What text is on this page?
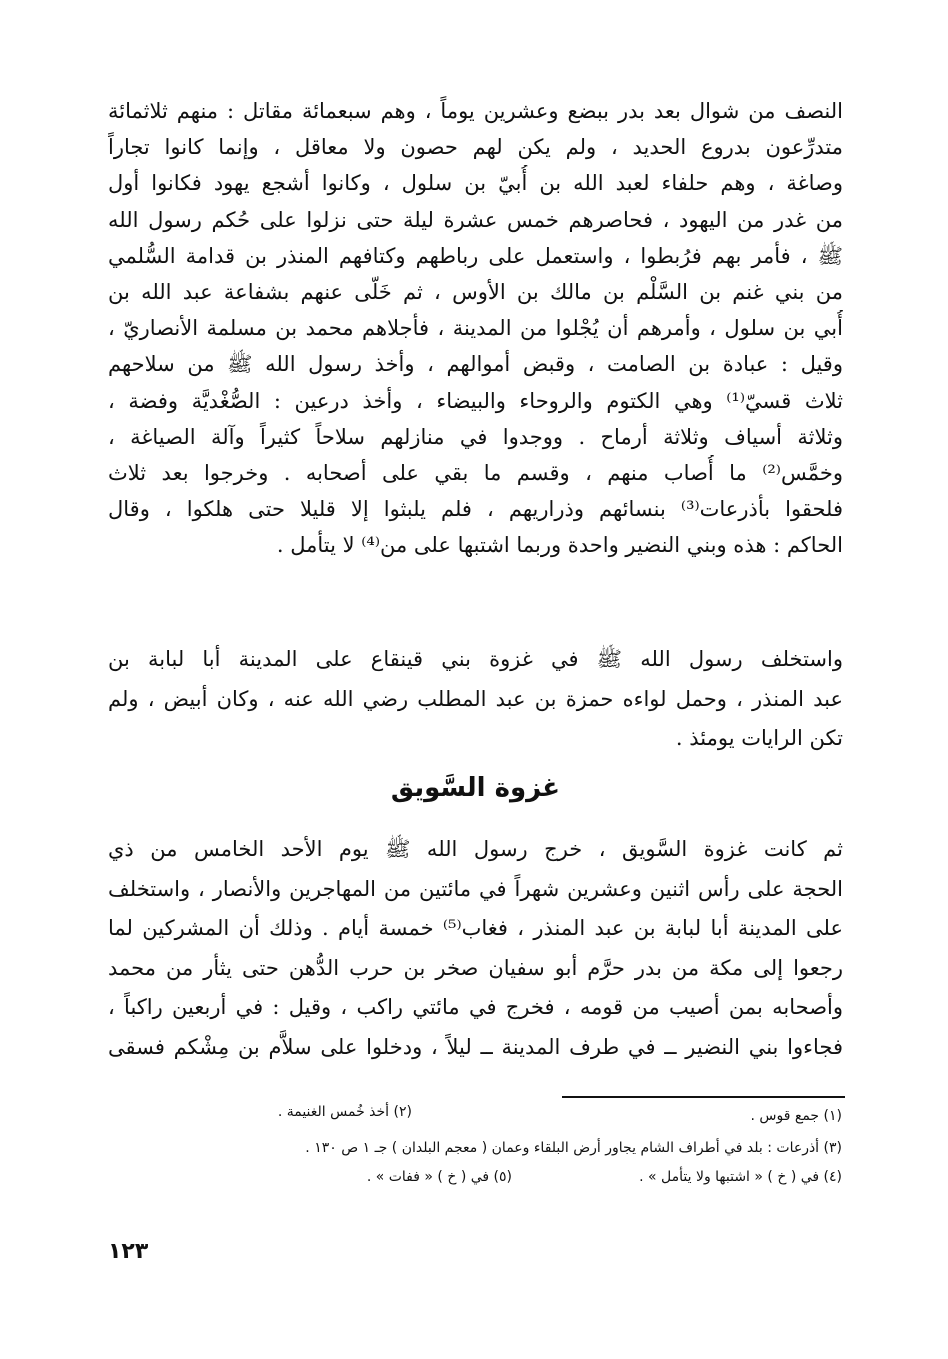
النصف من شوال بعد بدر ببضع وعشرين يوماً ، وهم سبعمائة مقاتل : منهم ثلاثمائة
متدرِّعون بدروع الحديد ، ولم يكن لهم حصون ولا معاقل ، وإنما كانوا تجاراً
وصاغة ، وهم حلفاء لعبد الله بن أُبيّ بن سلول ، وكانوا أشجع يهود فكانوا أول
من غدر من اليهود ، فحاصرهم خمس عشرة ليلة حتى نزلوا على حُكم رسول الله
ﷺ ، فأمر بهم فرُبطوا ، واستعمل على رباطهم وكتافهم المنذر بن قدامة السُّلمي
من بني غنم بن السَّلْم بن مالك بن الأوس ، ثم خَلّى عنهم بشفاعة عبد الله بن
أُبي بن سلول ، وأمرهم أن يُجْلوا من المدينة ، فأجلاهم محمد بن مسلمة الأنصاريّ ،
وقيل : عبادة بن الصامت ، وقبض أموالهم ، وأخذ رسول الله ﷺ من سلاحهم
ثلاث قسيّ⁽¹⁾ وهي الكتوم والروحاء والبيضاء ، وأخذ درعين : الصُّغْديَّة وفضة ،
وثلاثة أسياف وثلاثة أرماح . ووجدوا في منازلهم سلاحاً كثيراً وآلة الصياغة ،
وخمَّس⁽²⁾ ما أُصاب منهم ، وقسم ما بقي على أصحابه . وخرجوا بعد ثلاث
فلحقوا بأذرعات⁽³⁾ بنسائهم وذراريهم ، فلم يلبثوا إلا قليلا حتى هلكوا ، وقال
الحاكم : هذه وبني النضير واحدة وربما اشتبها على من⁽⁴⁾ لا يتأمل .
واستخلف رسول الله ﷺ في غزوة بني قينقاع على المدينة أبا لبابة بن
عبد المنذر ، وحمل لواءه حمزة بن عبد المطلب رضي الله عنه ، وكان أبيض ، ولم
تكن الرايات يومئذ .
غزوة السَّويق
ثم كانت غزوة السَّويق ، خرج رسول الله ﷺ يوم الأحد الخامس من ذي
الحجة على رأس اثنين وعشرين شهراً في مائتين من المهاجرين والأنصار ، واستخلف
على المدينة أبا لبابة بن عبد المنذر ، فغاب⁽⁵⁾ خمسة أيام . وذلك أن المشركين لما
رجعوا إلى مكة من بدر حرَّم أبو سفيان صخر بن حرب الدُّهن حتى يثأر من محمد
وأصحابه بمن أصيب من قومه ، فخرج في مائتي راكب ، وقيل : في أربعين راكباً ،
فجاءوا بني النضير ــ في طرف المدينة ــ ليلاً ، ودخلوا على سلاَّم بن مِشْكم فسقى
(١) جمع قوس .
(٢) أخذ خُمس الغنيمة .
(٣) أذرعات : بلد في أطراف الشام يجاور أرض البلقاء وعمان ( معجم البلدان ) جـ ١ ص ١٣٠ .
(٤) في ( خ ) « اشتبها ولا يتأمل » .
(٥) في ( خ ) « ففات » .
١٢٣
